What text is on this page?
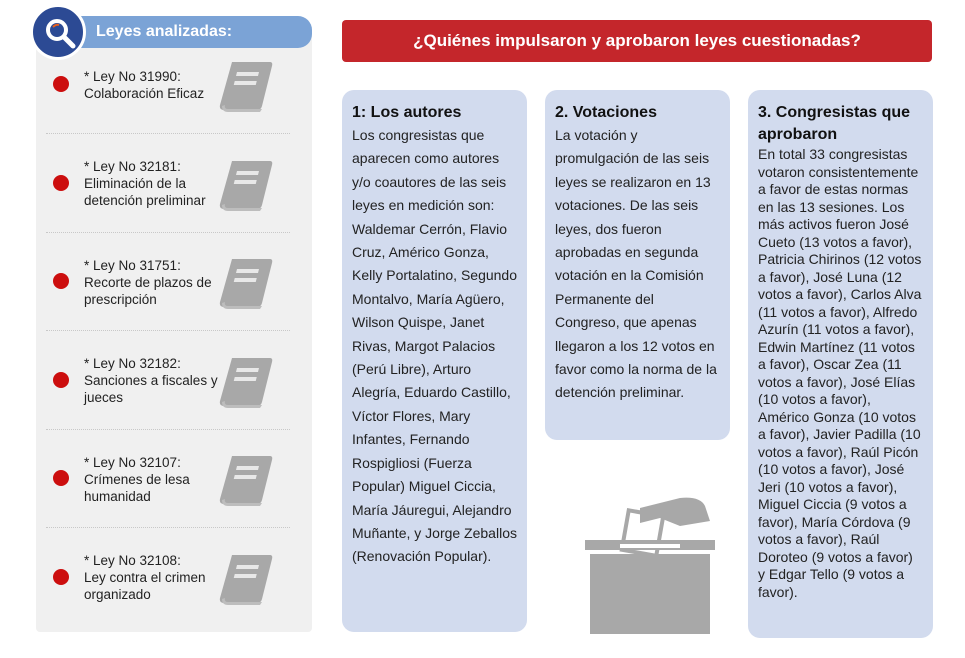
Leyes analizadas:
* Ley No 31990:
Colaboración Eficaz
* Ley No 32181:
Eliminación de la detención preliminar
* Ley No 31751:
Recorte de plazos de prescripción
* Ley No 32182:
Sanciones a fiscales y jueces
* Ley No 32107:
Crímenes de lesa humanidad
* Ley No 32108:
Ley contra el crimen organizado
¿Quiénes impulsaron y aprobaron leyes cuestionadas?
1: Los autores

Los congresistas que aparecen como autores y/o coautores de las seis leyes en medición son: Waldemar Cerrón, Flavio Cruz, Américo Gonza, Kelly Portalatino, Segundo Montalvo, María Agüero, Wilson Quispe, Janet Rivas, Margot Palacios (Perú Libre), Arturo Alegría, Eduardo Castillo, Víctor Flores, Mary Infantes, Fernando Rospigliosi (Fuerza Popular) Miguel Ciccia, María Jáuregui, Alejandro Muñante, y Jorge Zeballos (Renovación Popular).

2. Votaciones

La votación y promulgación de las seis leyes se realizaron en 13 votaciones. De las seis leyes, dos fueron aprobadas en segunda votación en la Comisión Permanente del Congreso, que apenas llegaron a los 12 votos en favor como la norma de la detención preliminar.

3. Congresistas que aprobaron

En total 33 congresistas votaron consistentemente a favor de estas normas en las 13 sesiones. Los más activos fueron José Cueto (13 votos a favor), Patricia Chirinos (12 votos a favor), José Luna (12 votos a favor), Carlos Alva (11 votos a favor), Alfredo Azurín (11 votos a favor), Edwin Martínez (11 votos a favor), Oscar Zea (11 votos a favor), José Elías (10 votos a favor), Américo Gonza (10 votos a favor), Javier Padilla (10 votos a favor), Raúl Picón (10 votos a favor), José Jeri (10 votos a favor), Miguel Ciccia (9 votos a favor), María Córdova (9 votos a favor), Raúl Doroteo (9 votos a favor) y Edgar Tello (9 votos a favor).
